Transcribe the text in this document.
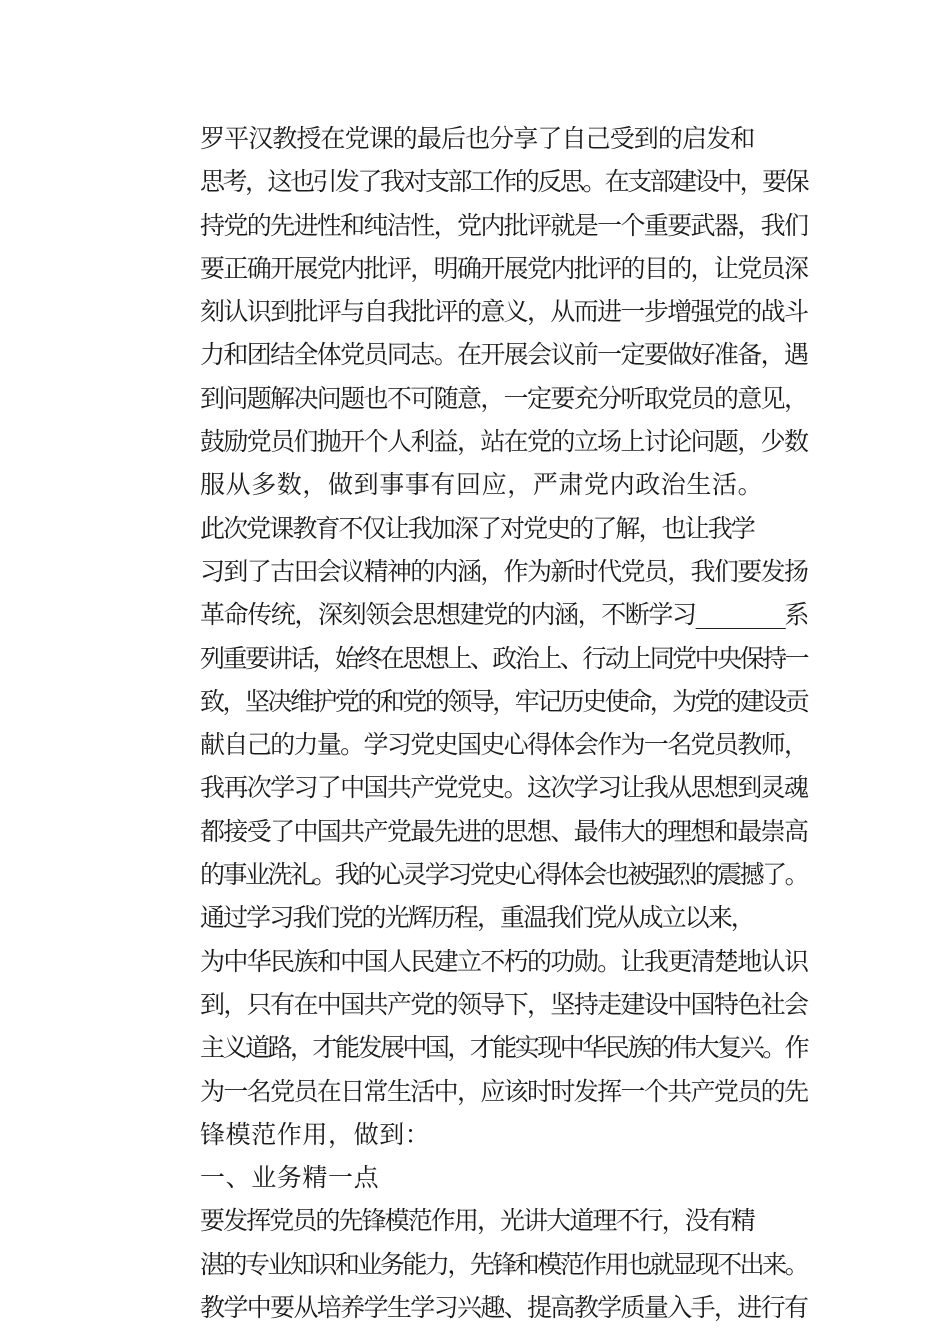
罗平汉教授在党课的最后也分享了自己受到的启发和
思考，这也引发了我对支部工作的反思。在支部建设中，要保
持党的先进性和纯洁性，党内批评就是一个重要武器，我们
要正确开展党内批评，明确开展党内批评的目的，让党员深
刻认识到批评与自我批评的意义，从而进一步增强党的战斗
力和团结全体党员同志。在开展会议前一定要做好准备，遇
到问题解决问题也不可随意，一定要充分听取党员的意见，
鼓励党员们抛开个人利益，站在党的立场上讨论问题，少数
服从多数，做到事事有回应，严肃党内政治生活。

此次党课教育不仅让我加深了对党史的了解，也让我学
习到了古田会议精神的内涵，作为新时代党员，我们要发扬
革命传统，深刻领会思想建党的内涵，不断学习________系
列重要讲话，始终在思想上、政治上、行动上同党中央保持一
致，坚决维护党的和党的领导，牢记历史使命，为党的建设贡
献自己的力量。学习党史国史心得体会作为一名党员教师，
我再次学习了中国共产党党史。这次学习让我从思想到灵魂
都接受了中国共产党最先进的思想、最伟大的理想和最崇高
的事业洗礼。我的心灵学习党史心得体会也被强烈的震撼了。

通过学习我们党的光辉历程，重温我们党从成立以来，
为中华民族和中国人民建立不朽的功勋。让我更清楚地认识
到，只有在中国共产党的领导下，坚持走建设中国特色社会
主义道路，才能发展中国，才能实现中华民族的伟大复兴。作
为一名党员在日常生活中，应该时时发挥一个共产党员的先
锋模范作用，做到：

一、业务精一点

要发挥党员的先锋模范作用，光讲大道理不行，没有精
湛的专业知识和业务能力，先锋和模范作用也就显现不出来。
教学中要从培养学生学习兴趣、提高教学质量入手，进行有
